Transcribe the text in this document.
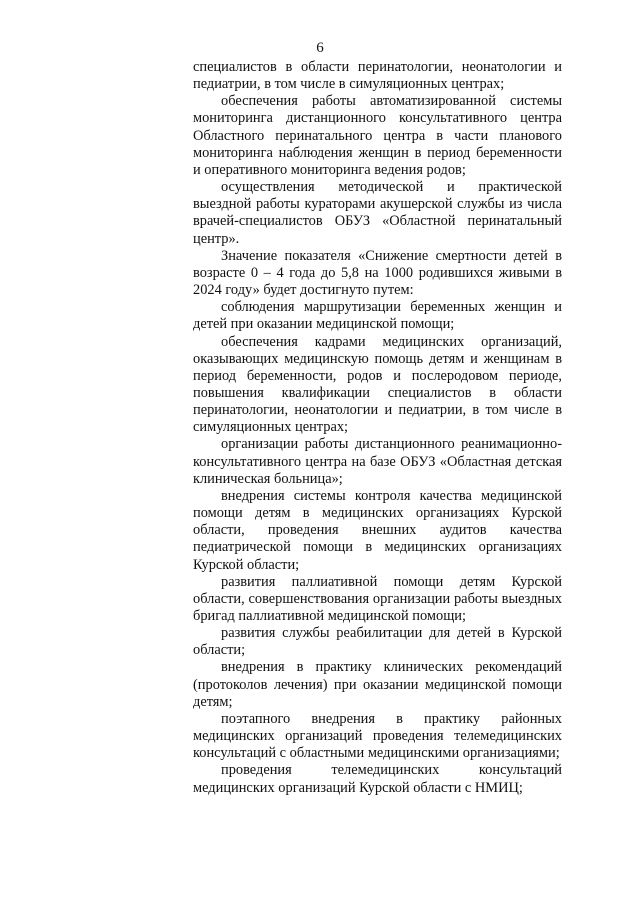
6

специалистов в области перинатологии, неонатологии и педиатрии, в том числе в симуляционных центрах;

обеспечения работы автоматизированной системы мониторинга дистанционного консультативного центра Областного перинатального центра в части планового мониторинга наблюдения женщин в период беременности и оперативного мониторинга ведения родов;

осуществления методической и практической выездной работы кураторами акушерской службы из числа врачей-специалистов ОБУЗ «Областной перинатальный центр».

Значение показателя «Снижение смертности детей в возрасте 0 – 4 года до 5,8 на 1000 родившихся живыми в 2024 году» будет достигнуто путем:

соблюдения маршрутизации беременных женщин и детей при оказании медицинской помощи;

обеспечения кадрами медицинских организаций, оказывающих медицинскую помощь детям и женщинам в период беременности, родов и послеродовом периоде, повышения квалификации специалистов в области перинатологии, неонатологии и педиатрии, в том числе в симуляционных центрах;

организации работы дистанционного реанимационно-консультативного центра на базе ОБУЗ «Областная детская клиническая больница»;

внедрения системы контроля качества медицинской помощи детям в медицинских организациях Курской области, проведения внешних аудитов качества педиатрической помощи в медицинских организациях Курской области;

развития паллиативной помощи детям Курской области, совершенствования организации работы выездных бригад паллиативной медицинской помощи;

развития службы реабилитации для детей в Курской области;

внедрения в практику клинических рекомендаций (протоколов лечения) при оказании медицинской помощи детям;

поэтапного внедрения в практику районных медицинских организаций проведения телемедицинских консультаций с областными медицинскими организациями;

проведения телемедицинских консультаций медицинских организаций Курской области с НМИЦ;
